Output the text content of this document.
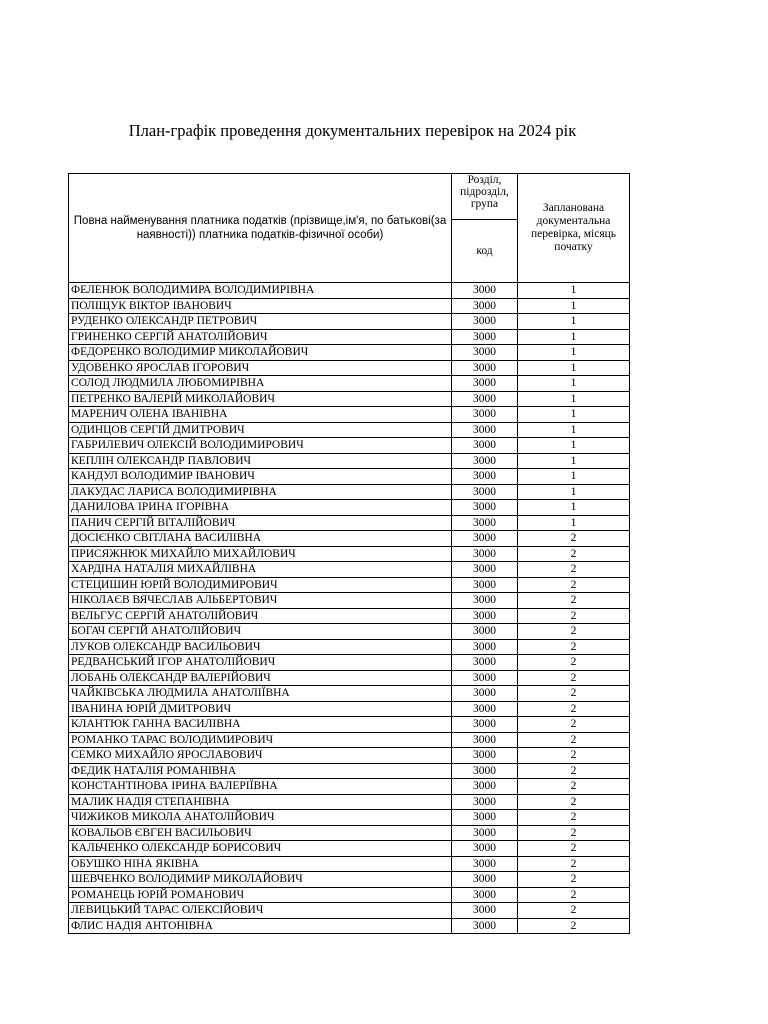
План-графік проведення документальних перевірок на 2024 рік
Повна найменування платника податків (прізвище,ім'я, по батькові(за наявності)) платника податків-фізичної особи)	Розділ, підрозділ, група	Запланована документальна перевірка, місяць початку
	код	
ФЕЛЕНЮК ВОЛОДИМИРА ВОЛОДИМИРІВНА	3000	1
ПОЛІЩУК ВІКТОР ІВАНОВИЧ	3000	1
РУДЕНКО ОЛЕКСАНДР ПЕТРОВИЧ	3000	1
ГРИНЕНКО СЕРГІЙ АНАТОЛІЙОВИЧ	3000	1
ФЕДОРЕНКО ВОЛОДИМИР МИКОЛАЙОВИЧ	3000	1
УДОВЕНКО ЯРОСЛАВ ІГОРОВИЧ	3000	1
СОЛОД ЛЮДМИЛА ЛЮБОМИРІВНА	3000	1
ПЕТРЕНКО ВАЛЕРІЙ МИКОЛАЙОВИЧ	3000	1
МАРЕНИЧ ОЛЕНА ІВАНІВНА	3000	1
ОДИНЦОВ СЕРГІЙ ДМИТРОВИЧ	3000	1
ГАБРИЛЕВИЧ ОЛЕКСІЙ ВОЛОДИМИРОВИЧ	3000	1
КЕПЛІН ОЛЕКСАНДР ПАВЛОВИЧ	3000	1
КАНДУЛ ВОЛОДИМИР ІВАНОВИЧ	3000	1
ЛАКУДАС ЛАРИСА ВОЛОДИМИРІВНА	3000	1
ДАНИЛОВА ІРИНА ІГОРІВНА	3000	1
ПАНИЧ СЕРГІЙ ВІТАЛІЙОВИЧ	3000	1
ДОСІЄНКО СВІТЛАНА ВАСИЛІВНА	3000	2
ПРИСЯЖНЮК МИХАЙЛО МИХАЙЛОВИЧ	3000	2
ХАРДІНА НАТАЛІЯ МИХАЙЛІВНА	3000	2
СТЕЦИШИН ЮРІЙ ВОЛОДИМИРОВИЧ	3000	2
НІКОЛАЄВ ВЯЧЕСЛАВ АЛЬБЕРТОВИЧ	3000	2
ВЕЛЬГУС СЕРГІЙ АНАТОЛІЙОВИЧ	3000	2
БОГАЧ СЕРГІЙ АНАТОЛІЙОВИЧ	3000	2
ЛУКОВ ОЛЕКСАНДР ВАСИЛЬОВИЧ	3000	2
РЕДВАНСЬКИЙ ІГОР АНАТОЛІЙОВИЧ	3000	2
ЛОБАНЬ ОЛЕКСАНДР ВАЛЕРІЙОВИЧ	3000	2
ЧАЙКІВСЬКА ЛЮДМИЛА АНАТОЛІЇВНА	3000	2
ІВАНИНА ЮРІЙ ДМИТРОВИЧ	3000	2
КЛАНТЮК ГАННА ВАСИЛІВНА	3000	2
РОМАНКО ТАРАС ВОЛОДИМИРОВИЧ	3000	2
СЕМКО МИХАЙЛО ЯРОСЛАВОВИЧ	3000	2
ФЕДИК НАТАЛІЯ РОМАНІВНА	3000	2
КОНСТАНТІНОВА ІРИНА ВАЛЕРІЇВНА	3000	2
МАЛИК НАДІЯ СТЕПАНІВНА	3000	2
ЧИЖИКОВ МИКОЛА АНАТОЛІЙОВИЧ	3000	2
КОВАЛЬОВ ЄВГЕН ВАСИЛЬОВИЧ	3000	2
КАЛЬЧЕНКО ОЛЕКСАНДР БОРИСОВИЧ	3000	2
ОБУШКО НІНА ЯКІВНА	3000	2
ШЕВЧЕНКО ВОЛОДИМИР МИКОЛАЙОВИЧ	3000	2
РОМАНЕЦЬ ЮРІЙ РОМАНОВИЧ	3000	2
ЛЕВИЦЬКИЙ ТАРАС ОЛЕКСІЙОВИЧ	3000	2
ФЛИС НАДІЯ АНТОНІВНА	3000	2
